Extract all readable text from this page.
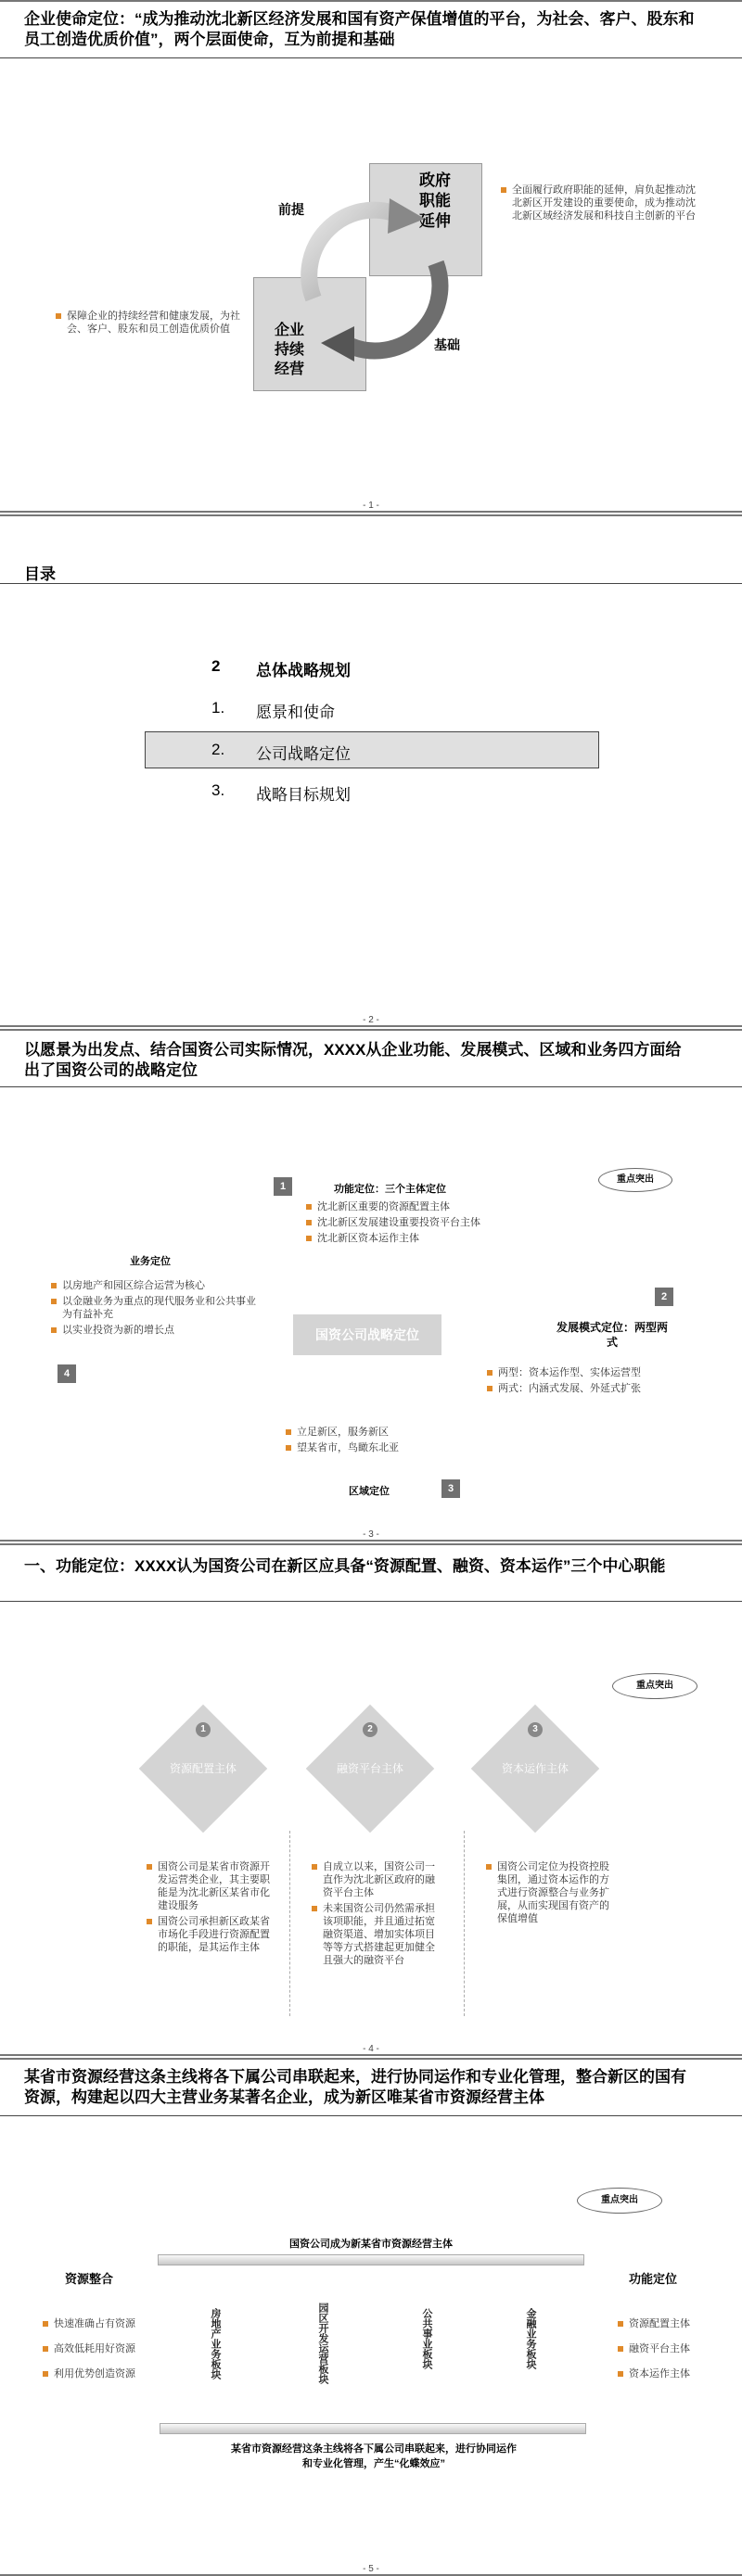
企业使命定位：“成为推动沈北新区经济发展和国有资产保值增值的平台，为社会、客户、股东和员工创造优质价值”，两个层面使命，互为前提和基础
政府职能延伸
企业持续经营
前提
基础
全面履行政府职能的延伸，肩负起推动沈北新区开发建设的重要使命，成为推动沈北新区域经济发展和科技自主创新的平台
保障企业的持续经营和健康发展，为社会、客户、股东和员工创造优质价值
- 1 -
目录
2 总体战略规划
1. 愿景和使命
2. 公司战略定位
3. 战略目标规划
- 2 -
以愿景为出发点、结合国资公司实际情况，XXXX从企业功能、发展模式、区域和业务四方面给出了国资公司的战略定位
重点突出
1	功能定位：三个主体定位
沈北新区重要的资源配置主体
沈北新区发展建设重要投资平台主体
沈北新区资本运作主体
业务定位
以房地产和园区综合运营为核心
以金融业务为重点的现代服务业和公共事业为有益补充
以实业投资为新的增长点
4
国资公司战略定位
2
发展模式定位：两型两式
两型：资本运作型、实体运营型
两式：内涵式发展、外延式扩张
立足新区，服务新区
望某省市，鸟瞰东北亚
区域定位	3
- 3 -
一、功能定位：XXXX认为国资公司在新区应具备“资源配置、融资、资本运作”三个中心职能
重点突出
1
资源配置主体
国资公司是某省市资源开发运营类企业，其主要职能是为沈北新区某省市化建设服务
国资公司承担新区政某省市场化手段进行资源配置的职能，是其运作主体
2
融资平台主体
自成立以来，国资公司一直作为沈北新区政府的融资平台主体
未来国资公司仍然需承担该项职能，并且通过拓宽融资渠道、增加实体项目等等方式搭建起更加健全且强大的融资平台
3
资本运作主体
国资公司定位为投资控股集团，通过资本运作的方式进行资源整合与业务扩展，从而实现国有资产的保值增值
- 4 -
某省市资源经营这条主线将各下属公司串联起来，进行协同运作和专业化管理，整合新区的国有资源，构建起以四大主营业务某著名企业，成为新区唯某省市资源经营主体
重点突出
国资公司成为新某省市资源经营主体
资源整合	功能定位
快速准确占有资源
高效低耗用好资源
利用优势创造资源
资源配置主体
融资平台主体
资本运作主体
房地产业务板块	园区开发运营板块	公共事业板块	金融业务板块
某省市资源经营这条主线将各下属公司串联起来，进行协同运作和专业化管理，产生“化蝶效应”
- 5 -
